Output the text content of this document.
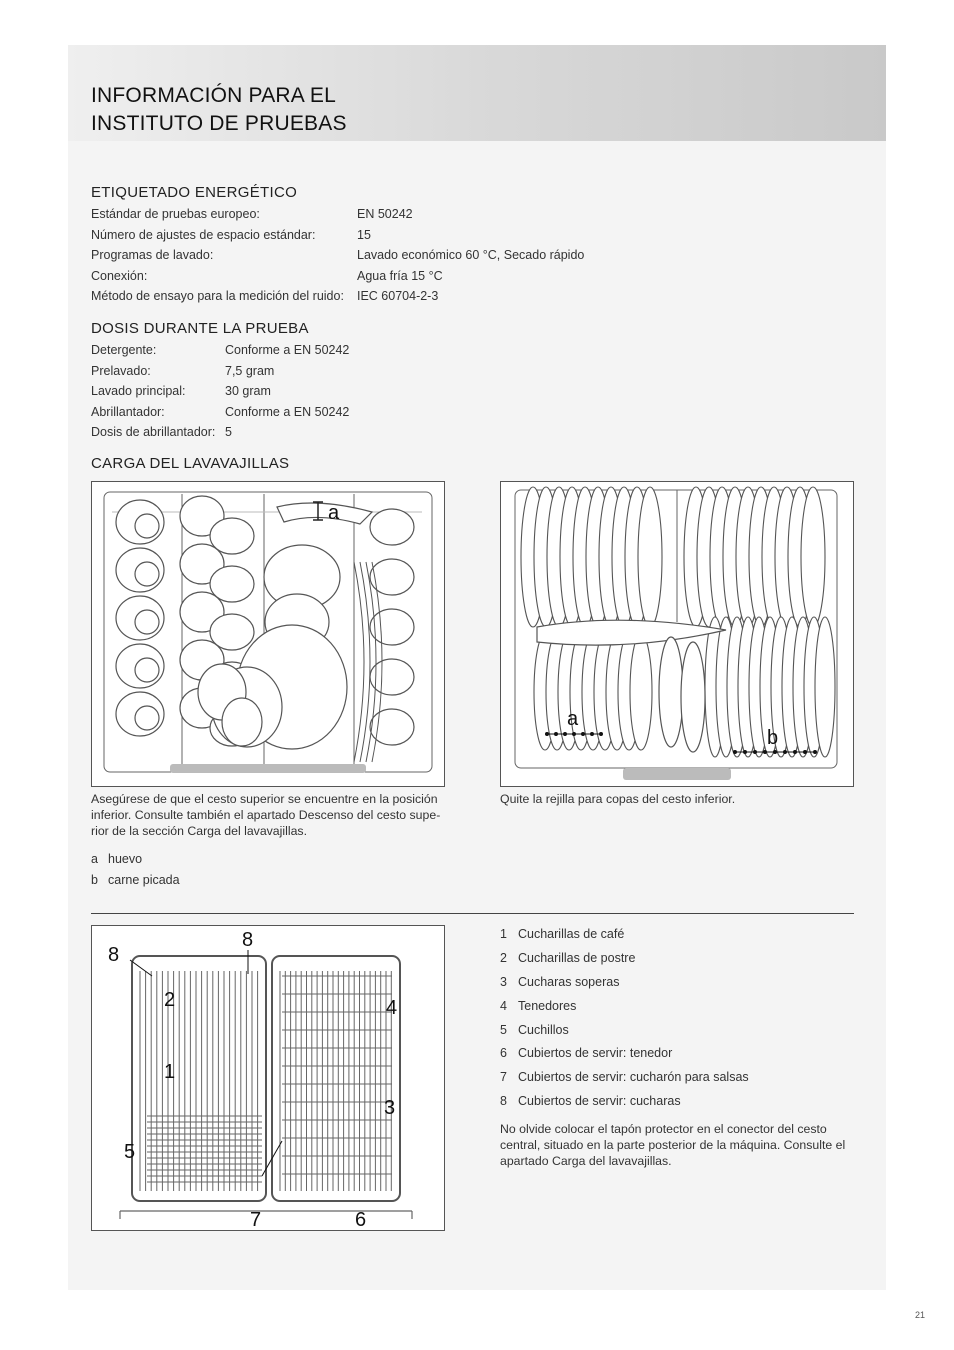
INFORMACIÓN PARA EL
INSTITUTO DE PRUEBAS
ETIQUETADO ENERGÉTICO
Estándar de pruebas europeo:	EN 50242
Número de ajustes de espacio estándar:	15
Programas de lavado:	Lavado económico 60 °C, Secado rápido
Conexión:	Agua fría 15 °C
Método de ensayo para la medición del ruido:	IEC 60704-2-3
DOSIS DURANTE LA PRUEBA
Detergente:	Conforme a EN 50242
Prelavado:	7,5 gram
Lavado principal:	30 gram
Abrillantador:	Conforme a EN 50242
Dosis de abrillantador: 5
CARGA DEL LAVAVAJILLAS
a
a
b
Asegúrese de que el cesto superior se encuentre en la posición
inferior. Consulte también el apartado Descenso del cesto supe-
rior de la sección Carga del lavavajillas.
Quite la rejilla para copas del cesto inferior.
a huevo
b carne picada
8
8
2	4
1
3
5
7	6
1 Cucharillas de café
2 Cucharillas de postre
3 Cucharas soperas
4 Tenedores
5 Cuchillos
6 Cubiertos de servir: tenedor
7 Cubiertos de servir: cucharón para salsas
8 Cubiertos de servir: cucharas
No olvide colocar el tapón protector en el conector del cesto
central, situado en la parte posterior de la máquina. Consulte el
apartado Carga del lavavajillas.
21
